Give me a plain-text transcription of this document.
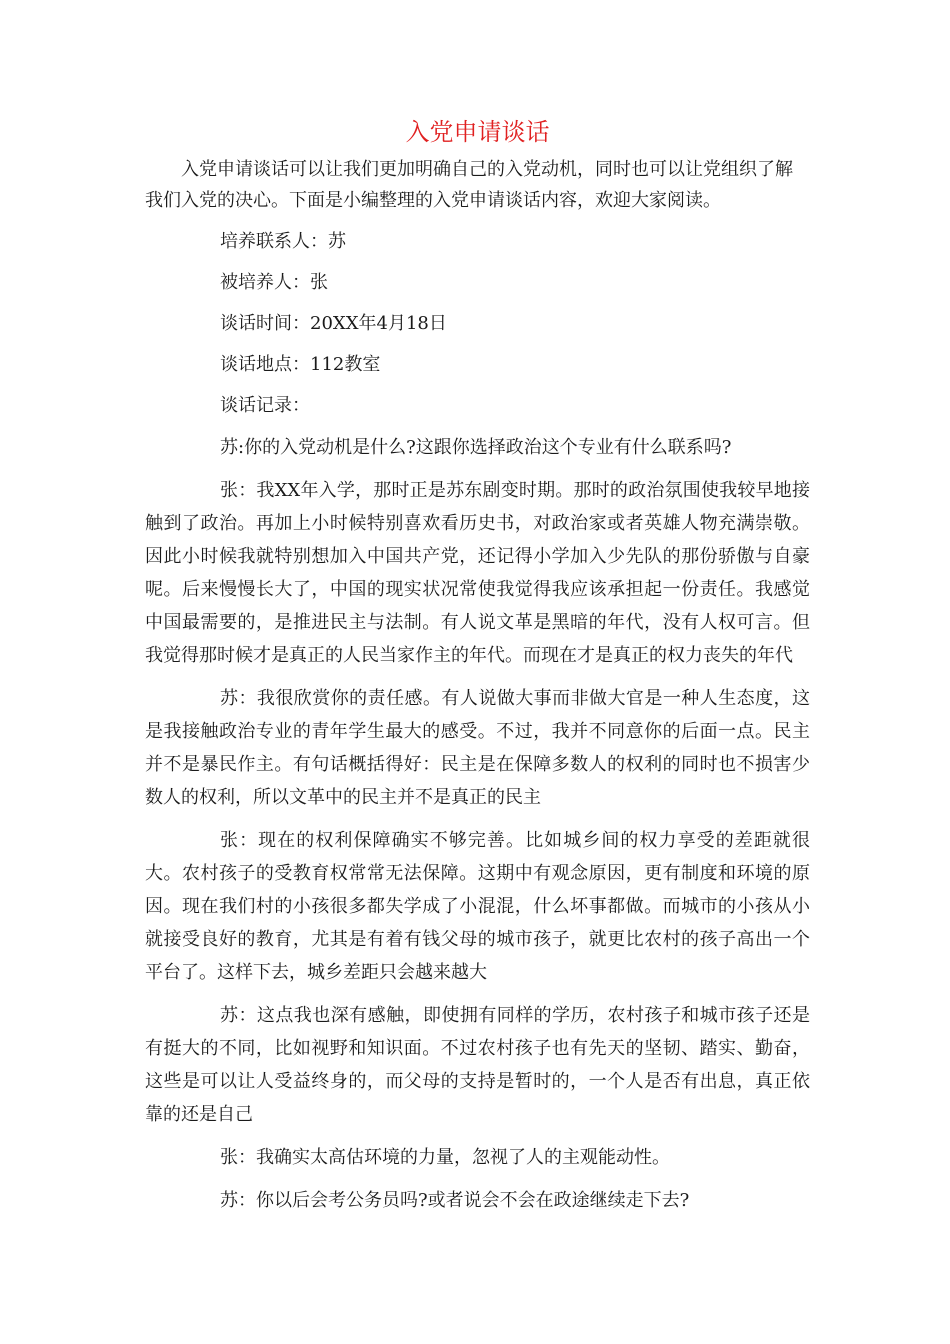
入党申请谈话

入党申请谈话可以让我们更加明确自己的入党动机，同时也可以让党组织了解我们入党的决心。下面是小编整理的入党申请谈话内容，欢迎大家阅读。

培养联系人：苏

被培养人：张

谈话时间：20XX年4月18日

谈话地点：112教室

谈话记录：

苏:你的入党动机是什么?这跟你选择政治这个专业有什么联系吗?

张：我XX年入学，那时正是苏东剧变时期。那时的政治氛围使我较早地接触到了政治。再加上小时候特别喜欢看历史书，对政治家或者英雄人物充满崇敬。因此小时候我就特别想加入中国共产党，还记得小学加入少先队的那份骄傲与自豪呢。后来慢慢长大了，中国的现实状况常使我觉得我应该承担起一份责任。我感觉中国最需要的，是推进民主与法制。有人说文革是黑暗的年代，没有人权可言。但我觉得那时候才是真正的人民当家作主的年代。而现在才是真正的权力丧失的年代

苏：我很欣赏你的责任感。有人说做大事而非做大官是一种人生态度，这是我接触政治专业的青年学生最大的感受。不过，我并不同意你的后面一点。民主并不是暴民作主。有句话概括得好：民主是在保障多数人的权利的同时也不损害少数人的权利，所以文革中的民主并不是真正的民主

张：现在的权利保障确实不够完善。比如城乡间的权力享受的差距就很大。农村孩子的受教育权常常无法保障。这期中有观念原因，更有制度和环境的原因。现在我们村的小孩很多都失学成了小混混，什么坏事都做。而城市的小孩从小就接受良好的教育，尤其是有着有钱父母的城市孩子，就更比农村的孩子高出一个平台了。这样下去，城乡差距只会越来越大

苏：这点我也深有感触，即使拥有同样的学历，农村孩子和城市孩子还是有挺大的不同，比如视野和知识面。不过农村孩子也有先天的坚韧、踏实、勤奋，这些是可以让人受益终身的，而父母的支持是暂时的，一个人是否有出息，真正依靠的还是自己

张：我确实太高估环境的力量，忽视了人的主观能动性。

苏：你以后会考公务员吗?或者说会不会在政途继续走下去?
